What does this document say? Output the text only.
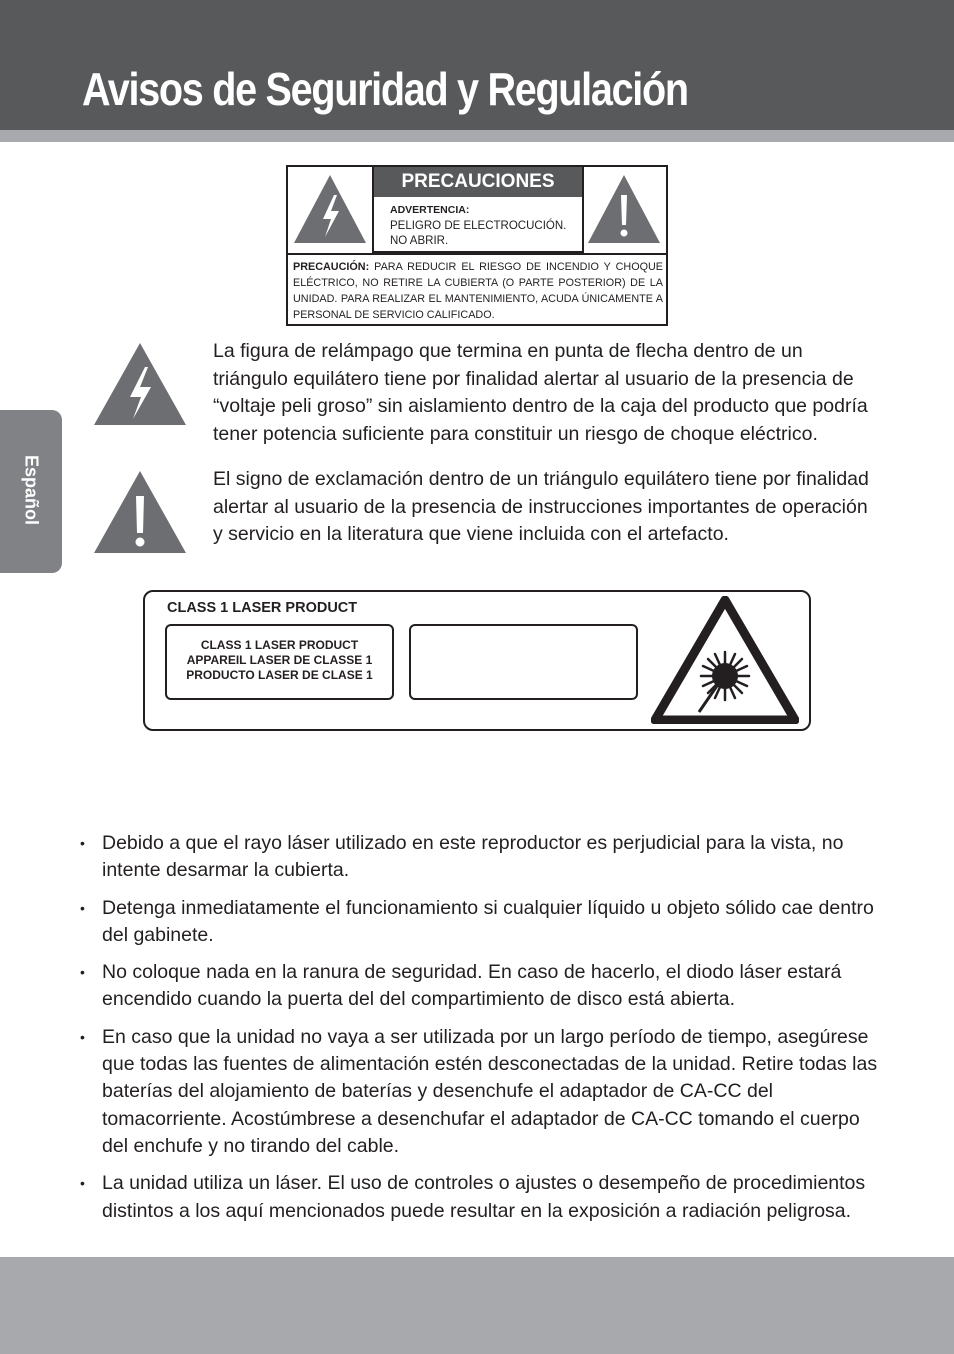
Avisos de Seguridad y Regulación
Español
PRECAUCIONES
ADVERTENCIA:
PELIGRO DE ELECTROCUCIÓN.
NO ABRIR.
PRECAUCIÓN: PARA REDUCIR EL RIESGO DE INCENDIO Y CHOQUE ELÉCTRICO, NO RETIRE LA CUBIERTA (O PARTE POSTERIOR) DE LA UNIDAD. PARA REALIZAR EL MANTENIMIENTO, ACUDA ÚNICAMENTE A PERSONAL DE SERVICIO CALIFICADO.

La figura de relámpago que termina en punta de flecha dentro de un triángulo equilátero tiene por finalidad alertar al usuario de la presencia de “voltaje peli groso” sin aislamiento dentro de la caja del producto que podría tener potencia suficiente para constituir un riesgo de choque eléctrico.

El signo de exclamación dentro de un triángulo equilátero tiene por finalidad alertar al usuario de la presencia de instrucciones importantes de operación y servicio en la literatura que viene incluida con el artefacto.

CLASS 1 LASER PRODUCT
CLASS 1 LASER PRODUCT
APPAREIL LASER DE CLASSE 1
PRODUCTO LASER DE CLASE 1
• Debido a que el rayo láser utilizado en este reproductor es perjudicial para la vista, no intente desarmar la cubierta.
• Detenga inmediatamente el funcionamiento si cualquier líquido u objeto sólido cae dentro del gabinete.
• No coloque nada en la ranura de seguridad. En caso de hacerlo, el diodo láser estará encendido cuando la puerta del del compartimiento de disco está abierta.
• En caso que la unidad no vaya a ser utilizada por un largo período de tiempo, asegúrese que todas las fuentes de alimentación estén desconectadas de la unidad. Retire todas las baterías del alojamiento de baterías y desenchufe el adaptador de CA-CC del tomacorriente. Acostúmbrese a desenchufar el adaptador de CA-CC tomando el cuerpo del enchufe y no tirando del cable.
• La unidad utiliza un láser. El uso de controles o ajustes o desempeño de procedimientos distintos a los aquí mencionados puede resultar en la exposición a radiación peligrosa.
